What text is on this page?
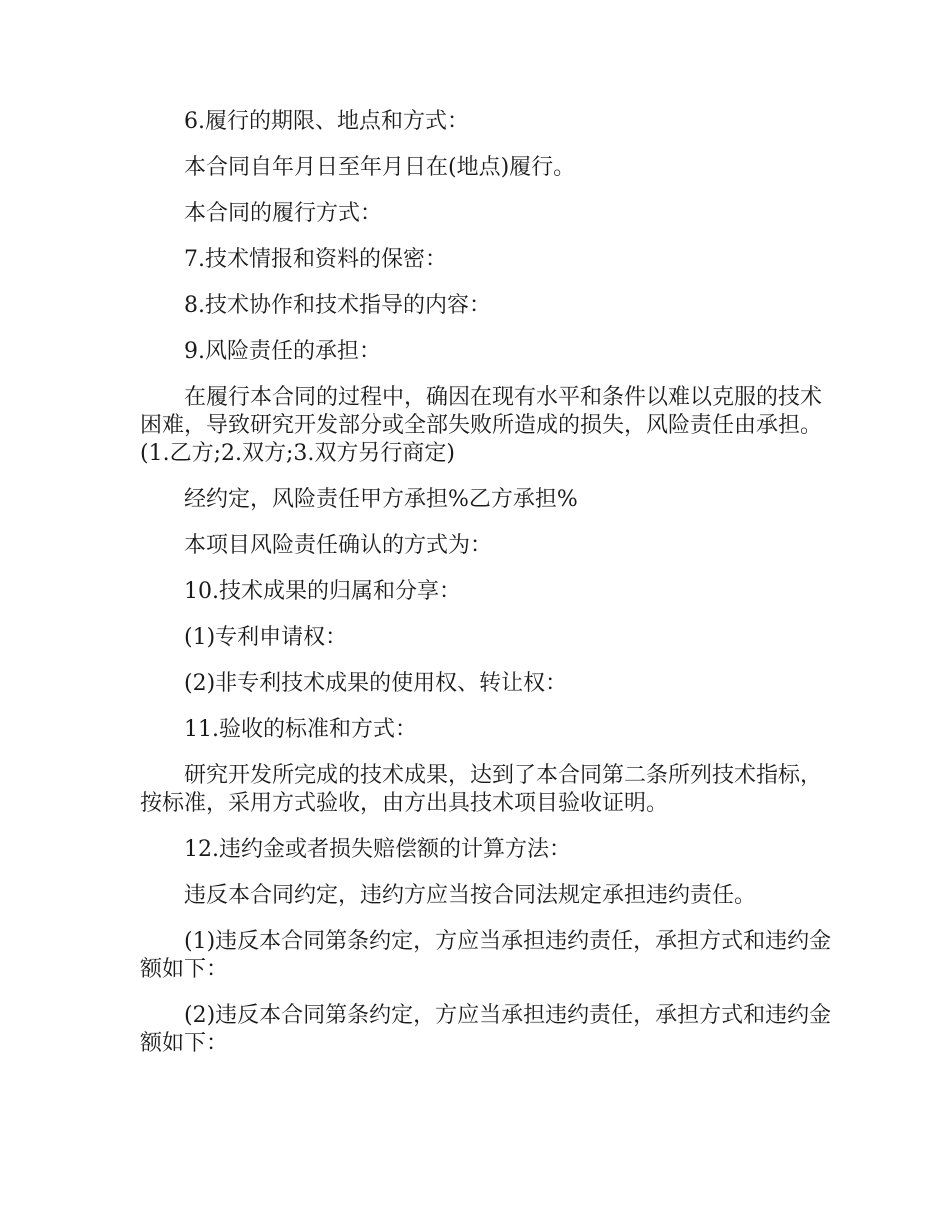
6.履行的期限、地点和方式：

本合同自年月日至年月日在(地点)履行。

本合同的履行方式：

7.技术情报和资料的保密：

8.技术协作和技术指导的内容：

9.风险责任的承担：

在履行本合同的过程中，确因在现有水平和条件以难以克服的技术困难，导致研究开发部分或全部失败所造成的损失，风险责任由承担。(1.乙方;2.双方;3.双方另行商定)

经约定，风险责任甲方承担%乙方承担%

本项目风险责任确认的方式为：

10.技术成果的归属和分享：

(1)专利申请权：

(2)非专利技术成果的使用权、转让权：

11.验收的标准和方式：

研究开发所完成的技术成果，达到了本合同第二条所列技术指标，按标准，采用方式验收，由方出具技术项目验收证明。

12.违约金或者损失赔偿额的计算方法：

违反本合同约定，违约方应当按合同法规定承担违约责任。

(1)违反本合同第条约定，方应当承担违约责任，承担方式和违约金额如下：

(2)违反本合同第条约定，方应当承担违约责任，承担方式和违约金额如下：
